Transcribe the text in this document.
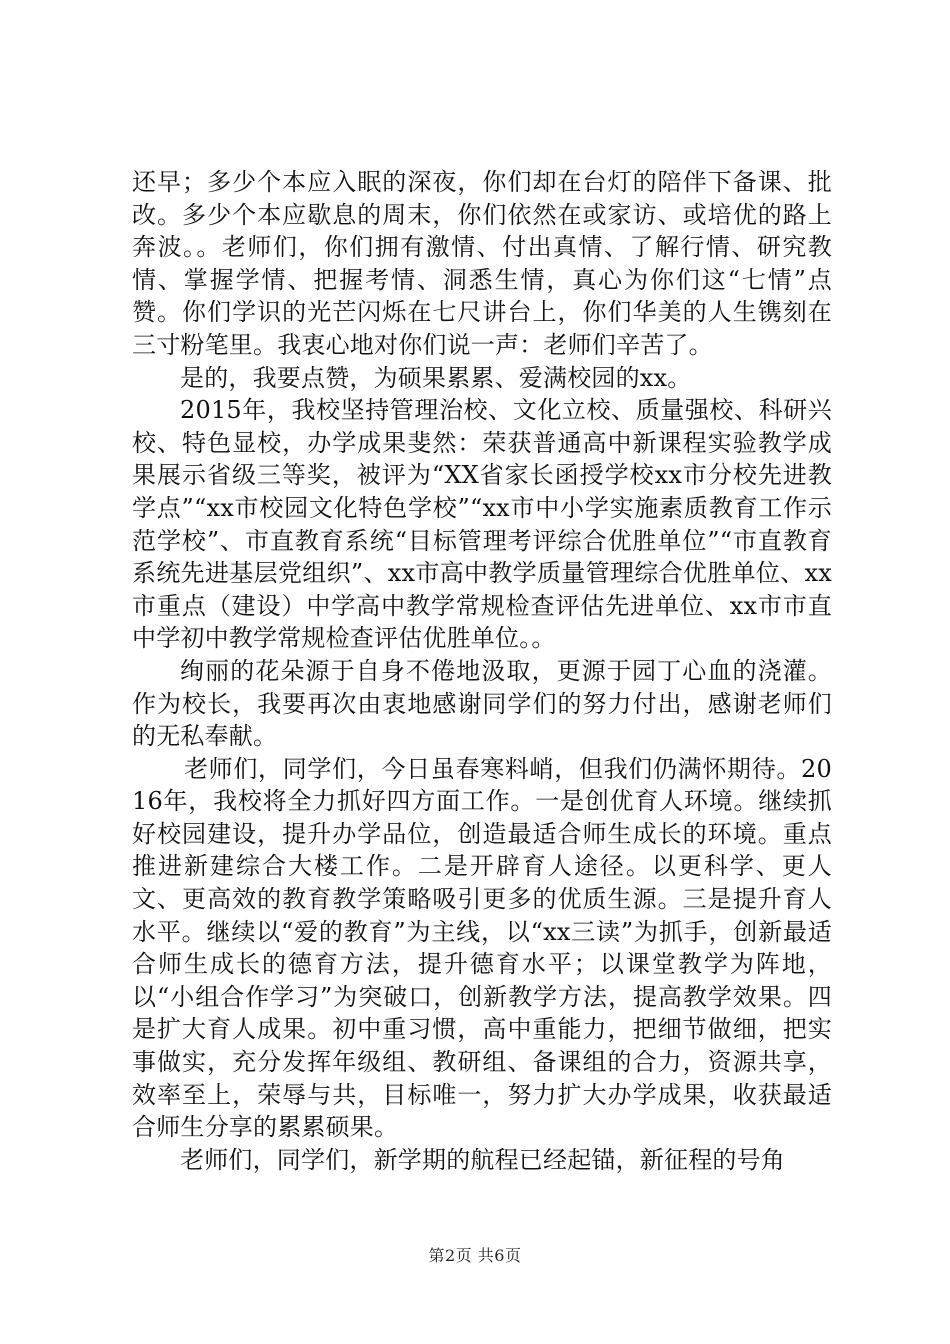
还早；多少个本应入眠的深夜，你们却在台灯的陪伴下备课、批改。多少个本应歇息的周末，你们依然在或家访、或培优的路上奔波。。老师们，你们拥有激情、付出真情、了解行情、研究教情、掌握学情、把握考情、洞悉生情，真心为你们这“七情”点赞。你们学识的光芒闪烁在七尺讲台上，你们华美的人生镌刻在三寸粉笔里。我衷心地对你们说一声：老师们辛苦了。

是的，我要点赞，为硕果累累、爱满校园的xx。

2015年，我校坚持管理治校、文化立校、质量强校、科研兴校、特色显校，办学成果斐然：荣获普通高中新课程实验教学成果展示省级三等奖，被评为“XX省家长函授学校xx市分校先进教学点”“xx市校园文化特色学校”“xx市中小学实施素质教育工作示范学校”、市直教育系统“目标管理考评综合优胜单位”“市直教育系统先进基层党组织”、xx市高中教学质量管理综合优胜单位、xx市重点（建设）中学高中教学常规检查评估先进单位、xx市市直中学初中教学常规检查评估优胜单位。。

绚丽的花朵源于自身不倦地汲取，更源于园丁心血的浇灌。作为校长，我要再次由衷地感谢同学们的努力付出，感谢老师们的无私奉献。

老师们，同学们，今日虽春寒料峭，但我们仍满怀期待。2016年，我校将全力抓好四方面工作。一是创优育人环境。继续抓好校园建设，提升办学品位，创造最适合师生成长的环境。重点推进新建综合大楼工作。二是开辟育人途径。以更科学、更人文、更高效的教育教学策略吸引更多的优质生源。三是提升育人水平。继续以“爱的教育”为主线，以“xx三读”为抓手，创新最适合师生成长的德育方法，提升德育水平；以课堂教学为阵地，以“小组合作学习”为突破口，创新教学方法，提高教学效果。四是扩大育人成果。初中重习惯，高中重能力，把细节做细，把实事做实，充分发挥年级组、教研组、备课组的合力，资源共享，效率至上，荣辱与共，目标唯一，努力扩大办学成果，收获最适合师生分享的累累硕果。

老师们，同学们，新学期的航程已经起锚，新征程的号角

第2页 共6页
